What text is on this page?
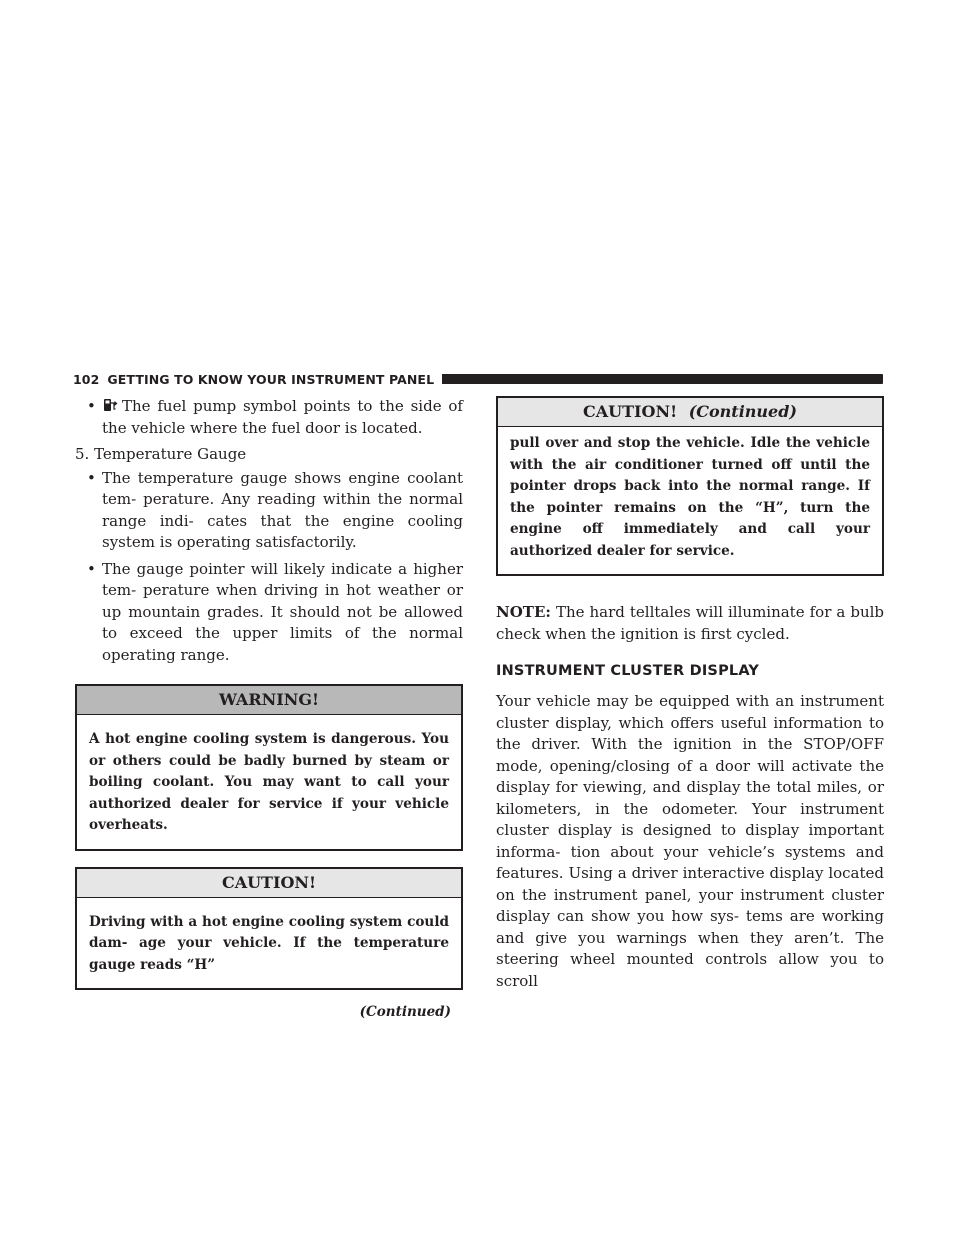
102 GETTING TO KNOW YOUR INSTRUMENT PANEL
• The fuel pump symbol points to the side of the vehicle where the fuel door is located.

5. Temperature Gauge

• The temperature gauge shows engine coolant tem- perature. Any reading within the normal range indi- cates that the engine cooling system is operating satisfactorily.
• The gauge pointer will likely indicate a higher tem- perature when driving in hot weather or up mountain grades. It should not be allowed to exceed the upper limits of the normal operating range.
WARNING!
A hot engine cooling system is dangerous. You or others could be badly burned by steam or boiling coolant. You may want to call your authorized dealer for service if your vehicle overheats.
CAUTION!
Driving with a hot engine cooling system could dam- age your vehicle. If the temperature gauge reads “H”
(Continued)
CAUTION! (Continued)
pull over and stop the vehicle. Idle the vehicle with the air conditioner turned off until the pointer drops back into the normal range. If the pointer remains on the “H”, turn the engine off immediately and call your authorized dealer for service.

NOTE: The hard telltales will illuminate for a bulb check when the ignition is first cycled.

INSTRUMENT CLUSTER DISPLAY

Your vehicle may be equipped with an instrument cluster display, which offers useful information to the driver. With the ignition in the STOP/OFF mode, opening/closing of a door will activate the display for viewing, and display the total miles, or kilometers, in the odometer. Your instrument cluster display is designed to display important informa- tion about your vehicle’s systems and features. Using a driver interactive display located on the instrument panel, your instrument cluster display can show you how sys- tems are working and give you warnings when they aren’t. The steering wheel mounted controls allow you to scroll
